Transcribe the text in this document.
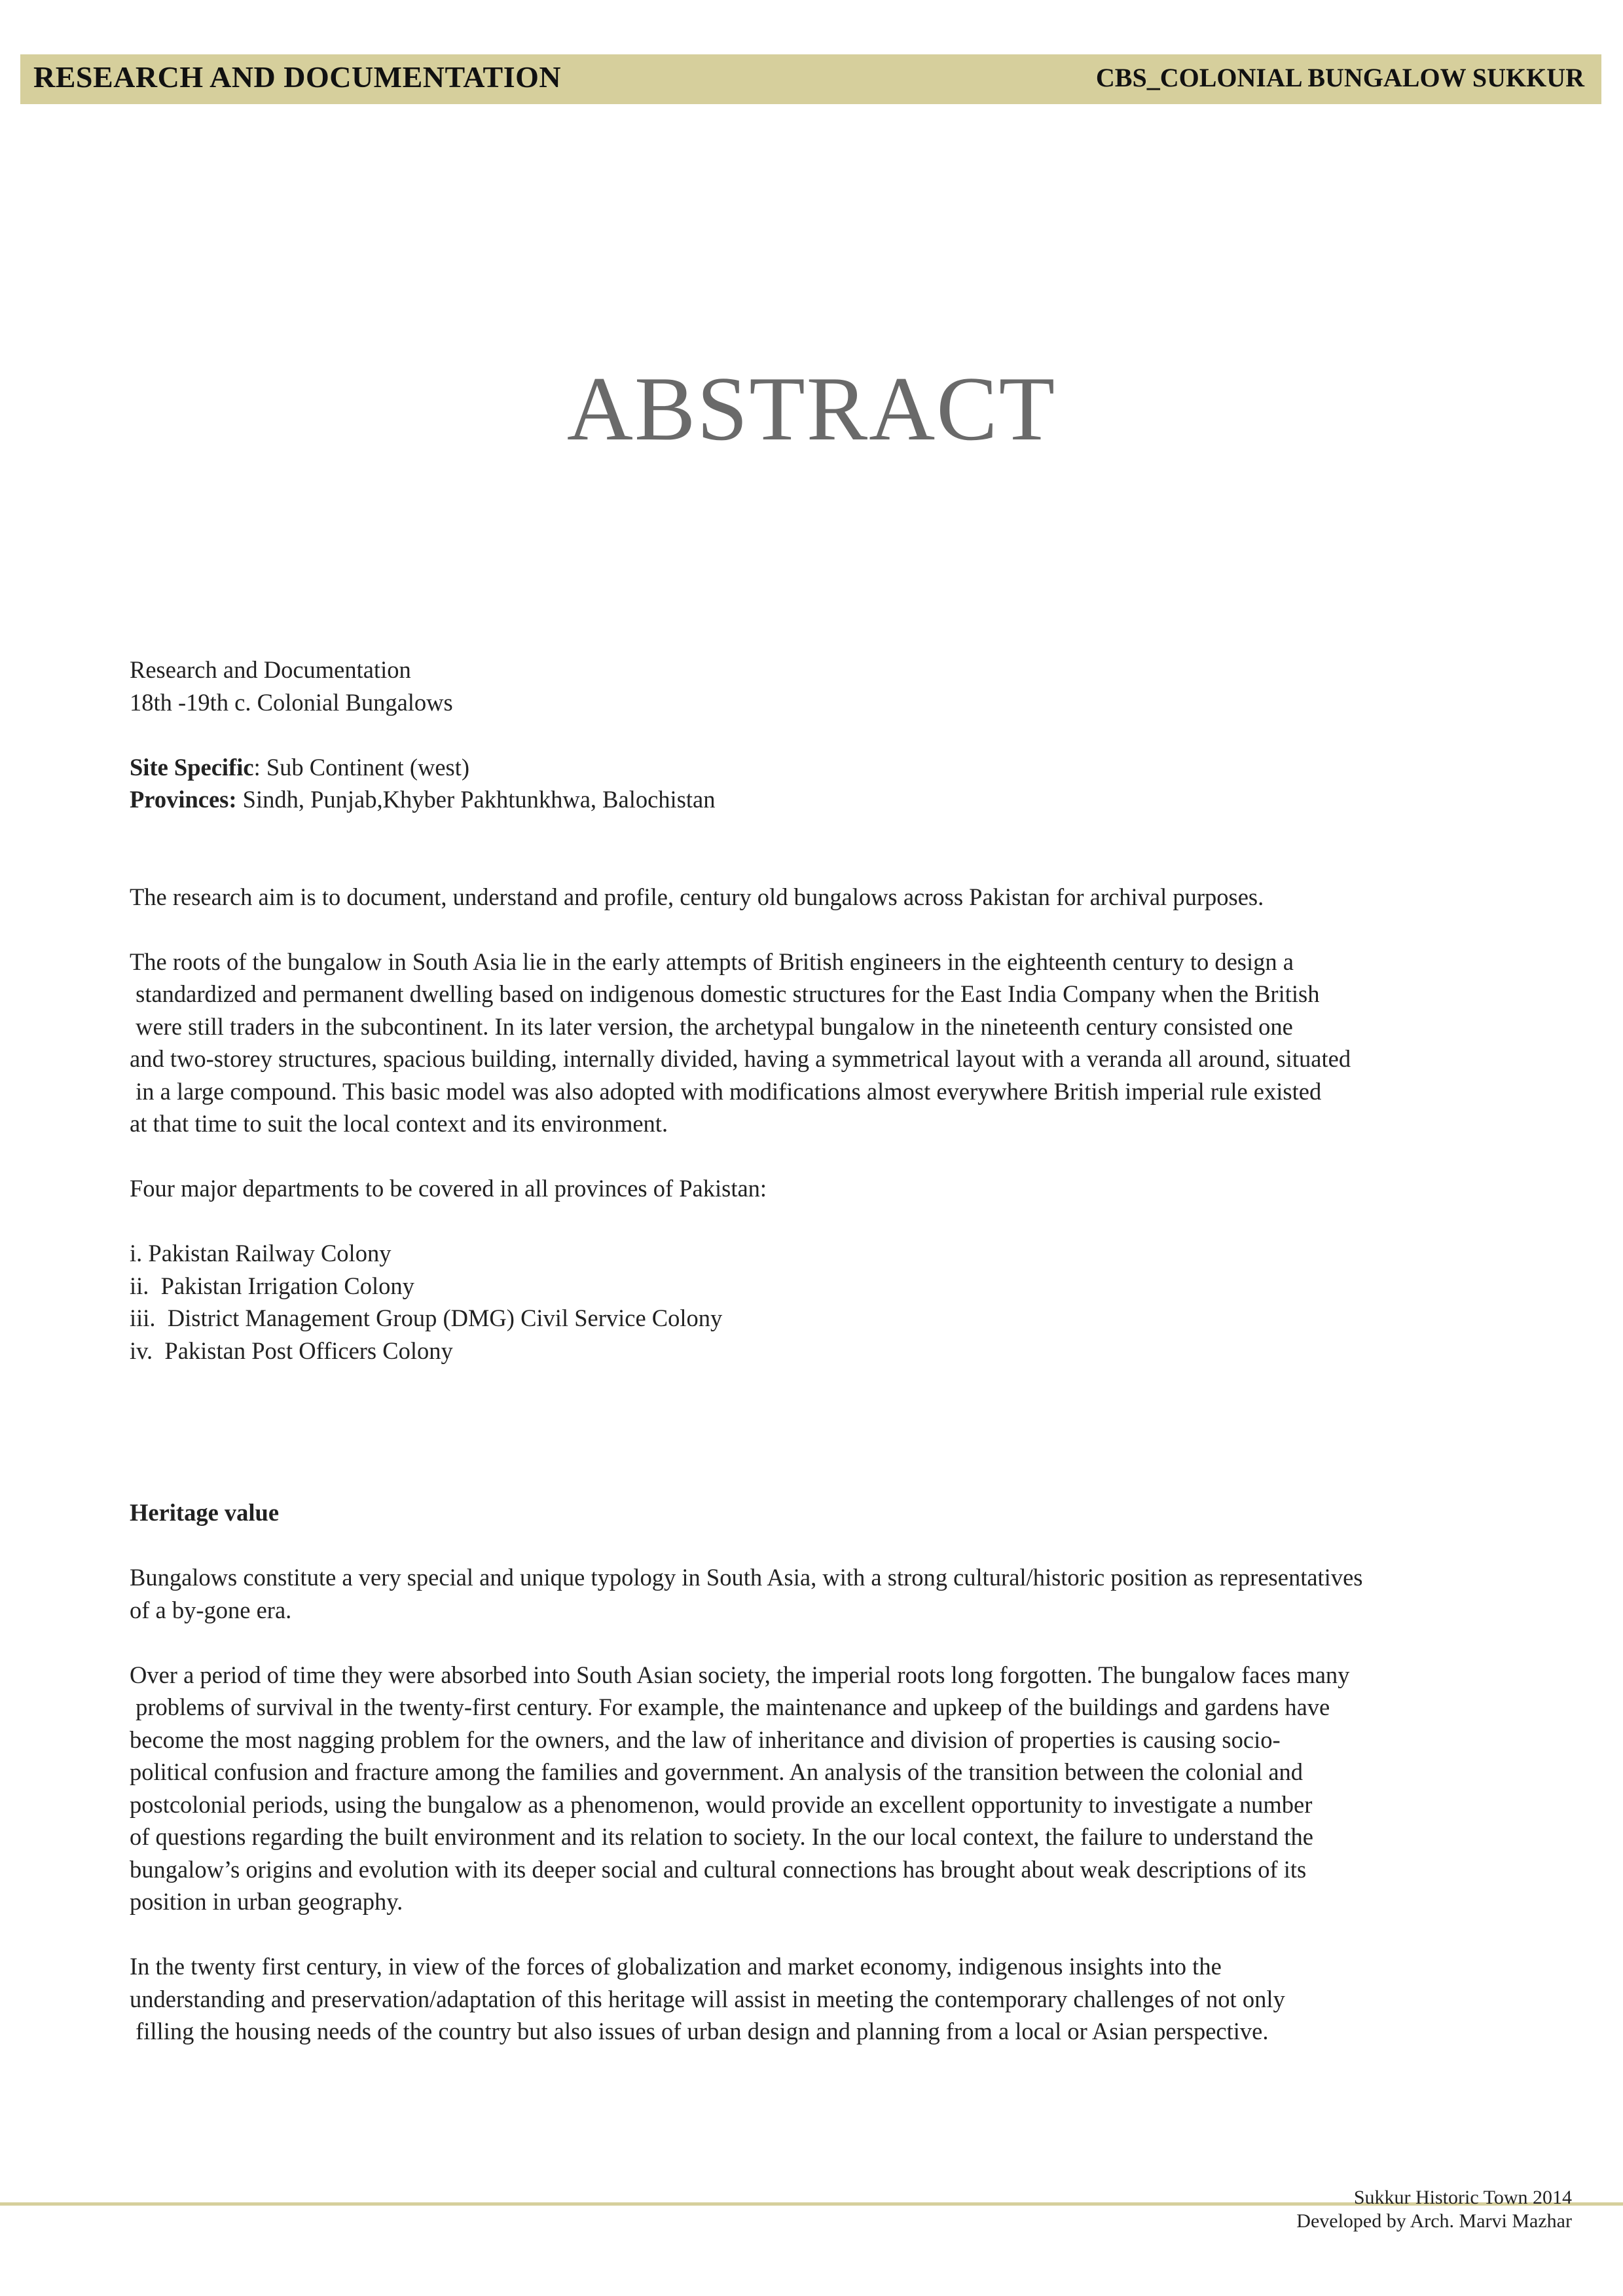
RESEARCH AND DOCUMENTATION	CBS_COLONIAL BUNGALOW SUKKUR
ABSTRACT

Research and Documentation

18th -19th c. Colonial Bungalows

Site Specific: Sub Continent (west)

Provinces: Sindh, Punjab,Khyber Pakhtunkhwa, Balochistan

The research aim is to document, understand and profile, century old bungalows across Pakistan for archival purposes.

The roots of the bungalow in South Asia lie in the early attempts of British engineers in the eighteenth century to design a

standardized and permanent dwelling based on indigenous domestic structures for the East India Company when the British

were still traders in the subcontinent. In its later version, the archetypal bungalow in the nineteenth century consisted one

and two-storey structures, spacious building, internally divided, having a symmetrical layout with a veranda all around, situated

in a large compound. This basic model was also adopted with modifications almost everywhere British imperial rule existed

at that time to suit the local context and its environment.

Four major departments to be covered in all provinces of Pakistan:

i. Pakistan Railway Colony

ii.  Pakistan Irrigation Colony

iii.  District Management Group (DMG) Civil Service Colony

iv.  Pakistan Post Officers Colony

Heritage value

Bungalows constitute a very special and unique typology in South Asia, with a strong cultural/historic position as representatives

of a by-gone era.

Over a period of time they were absorbed into South Asian society, the imperial roots long forgotten. The bungalow faces many

problems of survival in the twenty-first century. For example, the maintenance and upkeep of the buildings and gardens have

become the most nagging problem for the owners, and the law of inheritance and division of properties is causing socio-

political confusion and fracture among the families and government. An analysis of the transition between the colonial and

postcolonial periods, using the bungalow as a phenomenon, would provide an excellent opportunity to investigate a number

of questions regarding the built environment and its relation to society. In the our local context, the failure to understand the

bungalow’s origins and evolution with its deeper social and cultural connections has brought about weak descriptions of its

position in urban geography.

In the twenty first century, in view of the forces of globalization and market economy, indigenous insights into the

understanding and preservation/adaptation of this heritage will assist in meeting the contemporary challenges of not only

filling the housing needs of the country but also issues of urban design and planning from a local or Asian perspective.

Sukkur Historic Town 2014
Developed by Arch. Marvi Mazhar
